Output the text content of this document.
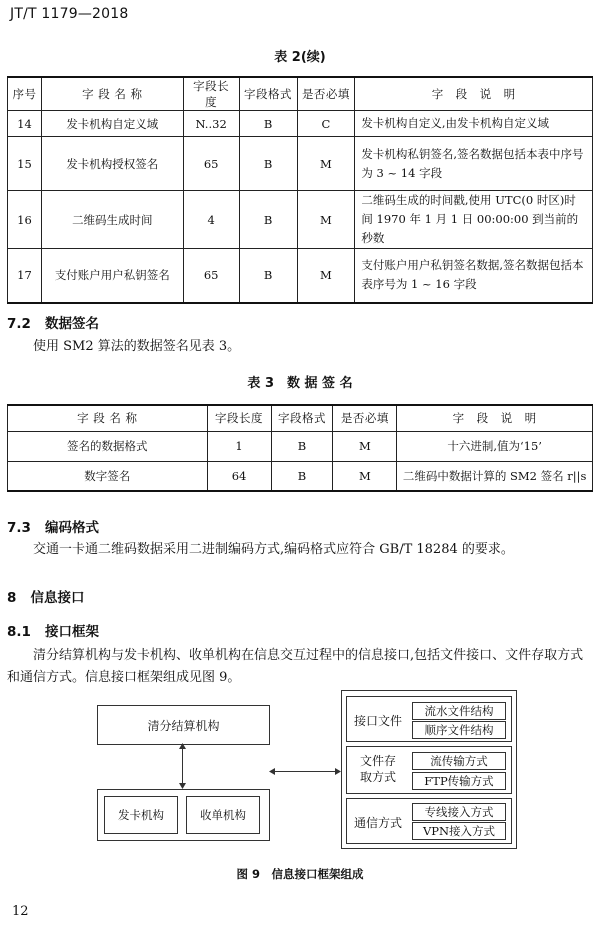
JT/T 1179—2018
表 2(续)
序号	字 段 名 称	字段长度	字段格式	是否必填	字　段　说　明
14	发卡机构自定义域	N..32	B	C	发卡机构自定义,由发卡机构自定义域
15	发卡机构授权签名	65	B	M	发卡机构私钥签名,签名数据包括本表中序号为 3 ~ 14 字段
16	二维码生成时间	4	B	M	二维码生成的时间戳,使用 UTC(0 时区)时间 1970 年 1 月 1 日 00:00:00 到当前的秒数
17	支付账户用户私钥签名	65	B	M	支付账户用户私钥签名数据,签名数据包括本表序号为 1 ~ 16 字段
7.2 数据签名
使用 SM2 算法的数据签名见表 3。
表 3　数 据 签 名
字 段 名 称	字段长度	字段格式	是否必填	字　段　说　明
签名的数据格式	1	B	M	十六进制,值为‘15’
数字签名	64	B	M	二维码中数据计算的 SM2 签名 r||s
7.3 编码格式
交通一卡通二维码数据采用二进制编码方式,编码格式应符合 GB/T 18284 的要求。
8 信息接口
8.1 接口框架
清分结算机构与发卡机构、收单机构在信息交互过程中的信息接口,包括文件接口、文件存取方式
和通信方式。信息接口框架组成见图 9。
清分结算机构
发卡机构	收单机构
接口文件
流水文件结构
顺序文件结构
文件存
取方式
流传输方式
FTP传输方式
通信方式
专线接入方式
VPN接入方式
图 9　信息接口框架组成
12
